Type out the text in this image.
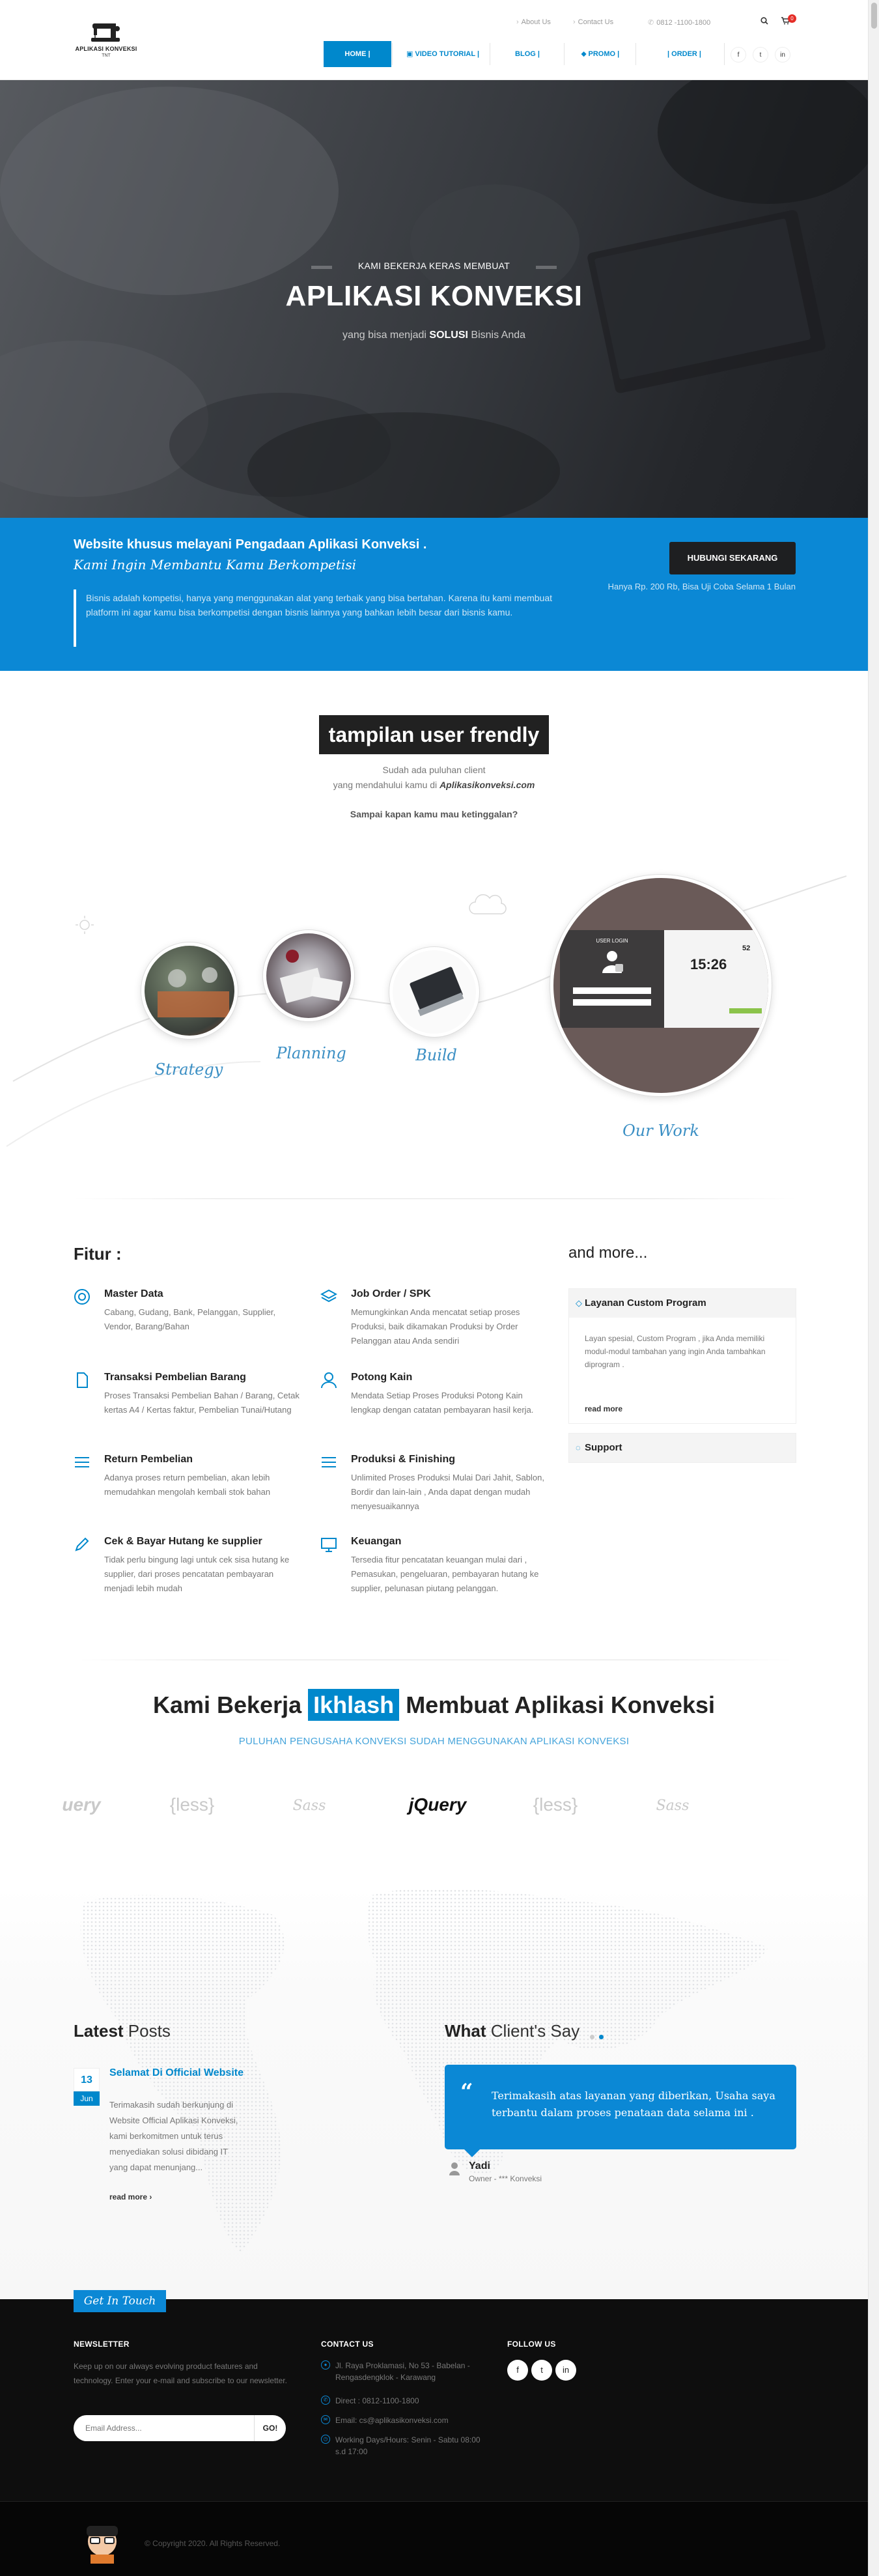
APLIKASI KONVEKSI
TNT
› About Us	› Contact Us	✆ 0812 -1100-1800
0
HOME |	▣ VIDEO TUTORIAL |	BLOG |	⬥ PROMO |	| ORDER |	f	t	in
KAMI BEKERJA KERAS MEMBUAT
APLIKASI KONVEKSI
yang bisa menjadi SOLUSI Bisnis Anda
Website khusus melayani Pengadaan Aplikasi Konveksi .
Kami Ingin Membantu Kamu Berkompetisi
Bisnis adalah kompetisi, hanya yang menggunakan alat yang terbaik yang bisa bertahan. Karena itu kami membuat platform ini agar kamu bisa berkompetisi dengan bisnis lainnya yang bahkan lebih besar dari bisnis kamu.
HUBUNGI SEKARANG
Hanya Rp. 200 Rb, Bisa Uji Coba Selama 1 Bulan
tampilan user frendly
Sudah ada puluhan client
yang mendahului kamu di Aplikasikonveksi.com
Sampai kapan kamu mau ketinggalan?
Strategy
Planning	Build
USER LOGIN
15:26
52
Our Work
Fitur :
Master Data
Cabang, Gudang, Bank, Pelanggan, Supplier, Vendor, Barang/Bahan
Job Order / SPK
Memungkinkan Anda mencatat setiap proses Produksi, baik dikamakan Produksi by Order Pelanggan atau Anda sendiri
Transaksi Pembelian Barang
Proses Transaksi Pembelian Bahan / Barang, Cetak kertas A4 / Kertas faktur, Pembelian Tunai/Hutang
Potong Kain
Mendata Setiap Proses Produksi Potong Kain lengkap dengan catatan pembayaran hasil kerja.
Return Pembelian
Adanya proses return pembelian, akan lebih memudahkan mengolah kembali stok bahan
Produksi & Finishing
Unlimited Proses Produksi Mulai Dari Jahit, Sablon, Bordir dan lain-lain , Anda dapat dengan mudah menyesuaikannya
Cek & Bayar Hutang ke supplier
Tidak perlu bingung lagi untuk cek sisa hutang ke supplier, dari proses pencatatan pembayaran menjadi lebih mudah
Keuangan
Tersedia fitur pencatatan keuangan mulai dari , Pemasukan, pengeluaran, pembayaran hutang ke supplier, pelunasan piutang pelanggan.
and more...
◇ Layanan Custom Program
Layan spesial, Custom Program , jika Anda memiliki modul-modul tambahan yang ingin Anda tambahkan diprogram .
read more
◌ Support
Kami Bekerja Ikhlash Membuat Aplikasi Konveksi
PULUHAN PENGUSAHA KONVEKSI SUDAH MENGGUNAKAN APLIKASI KONVEKSI
uery	{less}	Sass	jQuery	{less}	Sass
Latest Posts
13
Jun
Selamat Di Official Website
Terimakasih sudah berkunjung di Website Official Aplikasi Konveksi, kami berkomitmen untuk terus menyediakan solusi dibidang IT yang dapat menunjang...
read more ›
What Client's Say
“ Terimakasih atas layanan yang diberikan, Usaha saya terbantu dalam proses penataan data selama ini .
Yadi
Owner - *** Konveksi
Get In Touch
NEWSLETTER
Keep up on our always evolving product features and technology. Enter your e-mail and subscribe to our newsletter.
Email Address...
GO!
CONTACT US
●	Jl. Raya Proklamasi, No 53 - Babelan - Rengasdengklok - Karawang
✆ Direct : 0812-1100-1800
✉ Email: cs@aplikasikonveksi.com
◷ Working Days/Hours: Senin - Sabtu 08:00 s.d 17:00
FOLLOW US
f	t	in
© Copyright 2020. All Rights Reserved.
